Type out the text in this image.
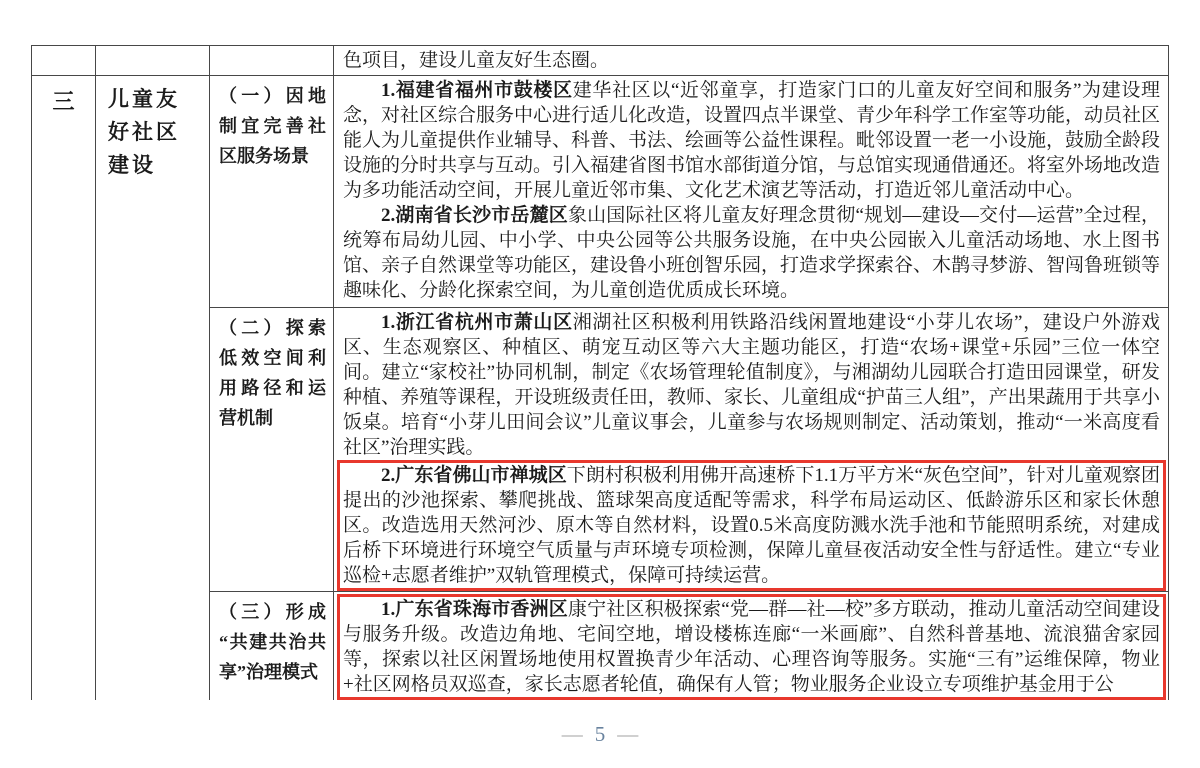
			色项目，建设儿童友好生态圈。

三	儿童友好社区建设	（一）因地制宜完善社区服务场景	1.福建省福州市鼓楼区建华社区以“近邻童享，打造家门口的儿童友好空间和服务”为建设理念，对社区综合服务中心进行适儿化改造，设置四点半课堂、青少年科学工作室等功能，动员社区能人为儿童提供作业辅导、科普、书法、绘画等公益性课程。毗邻设置一老一小设施，鼓励全龄段设施的分时共享与互动。引入福建省图书馆水部街道分馆，与总馆实现通借通还。将室外场地改造为多功能活动空间，开展儿童近邻市集、文化艺术演艺等活动，打造近邻儿童活动中心。

2.湖南省长沙市岳麓区象山国际社区将儿童友好理念贯彻“规划—建设—交付—运营”全过程，统筹布局幼儿园、中小学、中央公园等公共服务设施，在中央公园嵌入儿童活动场地、水上图书馆、亲子自然课堂等功能区，建设鲁小班创智乐园，打造求学探索谷、木鹊寻梦游、智闯鲁班锁等趣味化、分龄化探索空间，为儿童创造优质成长环境。

		（二）探索低效空间利用路径和运营机制	1.浙江省杭州市萧山区湘湖社区积极利用铁路沿线闲置地建设“小芽儿农场”，建设户外游戏区、生态观察区、种植区、萌宠互动区等六大主题功能区，打造“农场+课堂+乐园”三位一体空间。建立“家校社”协同机制，制定《农场管理轮值制度》，与湘湖幼儿园联合打造田园课堂，研发种植、养殖等课程，开设班级责任田，教师、家长、儿童组成“护苗三人组”，产出果蔬用于共享小饭桌。培育“小芽儿田间会议”儿童议事会，儿童参与农场规则制定、活动策划，推动“一米高度看社区”治理实践。

2.广东省佛山市禅城区下朗村积极利用佛开高速桥下1.1万平方米“灰色空间”，针对儿童观察团提出的沙池探索、攀爬挑战、篮球架高度适配等需求，科学布局运动区、低龄游乐区和家长休憩区。改造选用天然河沙、原木等自然材料，设置0.5米高度防溅水洗手池和节能照明系统，对建成后桥下环境进行环境空气质量与声环境专项检测，保障儿童昼夜活动安全性与舒适性。建立“专业巡检+志愿者维护”双轨管理模式，保障可持续运营。

		（三）形成“共建共治共享”治理模式	1.广东省珠海市香洲区康宁社区积极探索“党—群—社—校”多方联动，推动儿童活动空间建设与服务升级。改造边角地、宅间空地，增设楼栋连廊“一米画廊”、自然科普基地、流浪猫舍家园等，探索以社区闲置场地使用权置换青少年活动、心理咨询等服务。实施“三有”运维保障，物业+社区网格员双巡查，家长志愿者轮值，确保有人管；物业服务企业设立专项维护基金用于公

— 5 —
